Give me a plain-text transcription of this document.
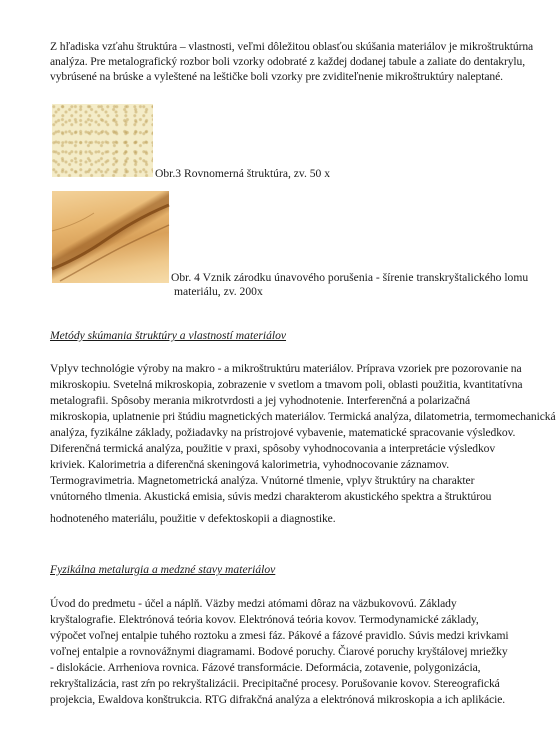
Z hľadiska vzťahu štruktúra – vlastnosti, veľmi dôležitou oblasťou skúšania materiálov je mikroštruktúrna
analýza. Pre metalografický rozbor boli vzorky odobraté z každej dodanej tabule a zaliate do dentakrylu,
vybrúsené na brúske a vyleštené na leštičke boli vzorky pre zviditeľnenie mikroštruktúry naleptané.
Obr.3 Rovnomerná štruktúra, zv. 50 x
Obr. 4 Vznik zárodku únavového porušenia - šírenie transkryštalického lomu
materiálu, zv. 200x
Metódy skúmania štruktúry a vlastností materiálov
Vplyv technológie výroby na makro - a mikroštruktúru materiálov. Príprava vzoriek pre pozorovanie na
mikroskopiu. Svetelná mikroskopia, zobrazenie v svetlom a tmavom poli, oblasti použitia, kvantitatívna
metalografii. Spôsoby merania mikrotvrdosti a jej vyhodnotenie. Interferenčná a polarizačná
mikroskopia, uplatnenie pri štúdiu magnetických materiálov. Termická analýza, dilatometria, termomechanická
analýza, fyzikálne základy, požiadavky na prístrojové vybavenie, matematické spracovanie výsledkov.
Diferenčná termická analýza, použitie v praxi, spôsoby vyhodnocovania a interpretácie výsledkov
kriviek. Kalorimetria a diferenčná skeningová kalorimetria, vyhodnocovanie záznamov.
Termogravimetria. Magnetometrická analýza. Vnútorné tlmenie, vplyv štruktúry na charakter
vnútorného tlmenia. Akustická emisia, súvis medzi charakterom akustického spektra a štruktúrou
hodnoteného materiálu, použitie v defektoskopii a diagnostike.
Fyzikálna metalurgia a medzné stavy materiálov
Úvod do predmetu - účel a náplň. Väzby medzi atómami dôraz na väzbukovovú. Základy
kryštalografie. Elektrónová teória kovov. Elektrónová teória kovov. Termodynamické základy,
výpočet voľnej entalpie tuhého roztoku a zmesi fáz. Pákové a fázové pravidlo. Súvis medzi krivkami
voľnej entalpie a rovnovážnymi diagramami. Bodové poruchy. Čiarové poruchy kryštálovej mriežky
- dislokácie. Arrheniova rovnica. Fázové transformácie. Deformácia, zotavenie, polygonizácia,
rekryštalizácia, rast zŕn po rekryštalizácii. Precipitačné procesy. Porušovanie kovov. Stereografická
projekcia, Ewaldova konštrukcia. RTG difrakčná analýza a elektrónová mikroskopia a ich aplikácie.
